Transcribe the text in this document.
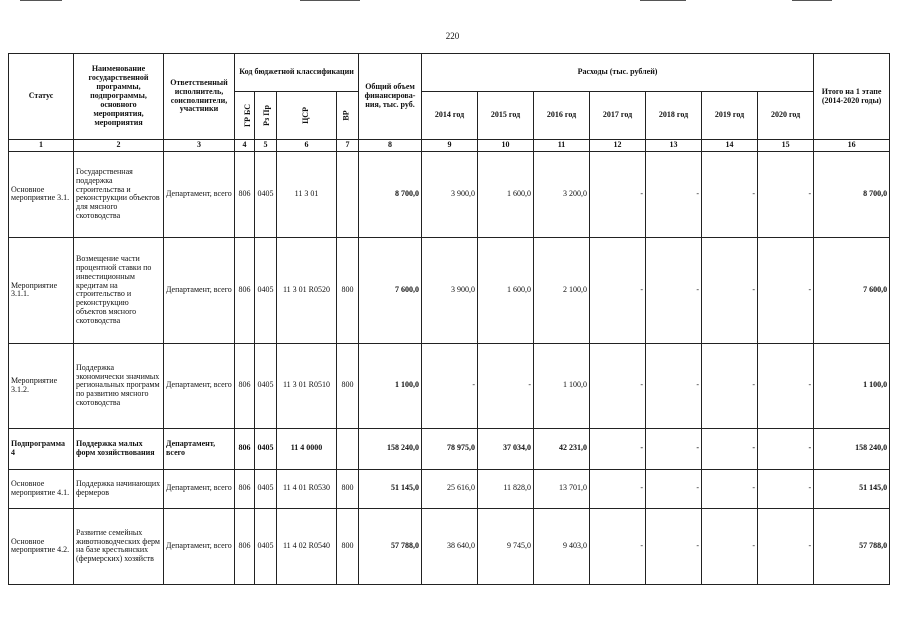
220
Статус	Наименование государственной программы, подпрограммы, основного мероприятия, мероприятия	Ответственный исполнитель, соисполнители, участники	Код бюджетной классификации				Общий объем финансирова-ния, тыс. руб.	Расходы (тыс. рублей)							Итого на 1 этапе (2014-2020 годы)
			ГР БС	Рз Пр	ЦСР	ВР		2014 год	2015 год	2016 год	2017 год	2018 год	2019 год	2020 год	
1	2	3	4	5	6	7	8	9	10	11	12	13	14	15	16
Основное мероприятие 3.1.	Государственная поддержка строительства и реконструкции объектов для мясного скотоводства	Департамент, всего	806	0405	11 3 01		8 700,0	3 900,0	1 600,0	3 200,0	-	-	-	-	8 700,0
Мероприятие 3.1.1.	Возмещение части процентной ставки по инвестиционным кредитам на строительство и реконструкцию объектов мясного скотоводства	Департамент, всего	806	0405	11 3 01 R0520	800	7 600,0	3 900,0	1 600,0	2 100,0	-	-	-	-	7 600,0
Мероприятие 3.1.2.	Поддержка экономически значимых региональных программ по развитию мясного скотоводства	Департамент, всего	806	0405	11 3 01 R0510	800	1 100,0	-	-	1 100,0	-	-	-	-	1 100,0
Подпрограмма 4	Поддержка малых форм хозяйствования	Департамент, всего	806	0405	11 4 0000		158 240,0	78 975,0	37 034,0	42 231,0	-	-	-	-	158 240,0
Основное мероприятие 4.1.	Поддержка начинающих фермеров	Департамент, всего	806	0405	11 4 01 R0530	800	51 145,0	25 616,0	11 828,0	13 701,0	-	-	-	-	51 145,0
Основное мероприятие 4.2.	Развитие семейных животноводческих ферм на базе крестьянских (фермерских) хозяйств	Департамент, всего	806	0405	11 4 02 R0540	800	57 788,0	38 640,0	9 745,0	9 403,0	-	-	-	-	57 788,0
